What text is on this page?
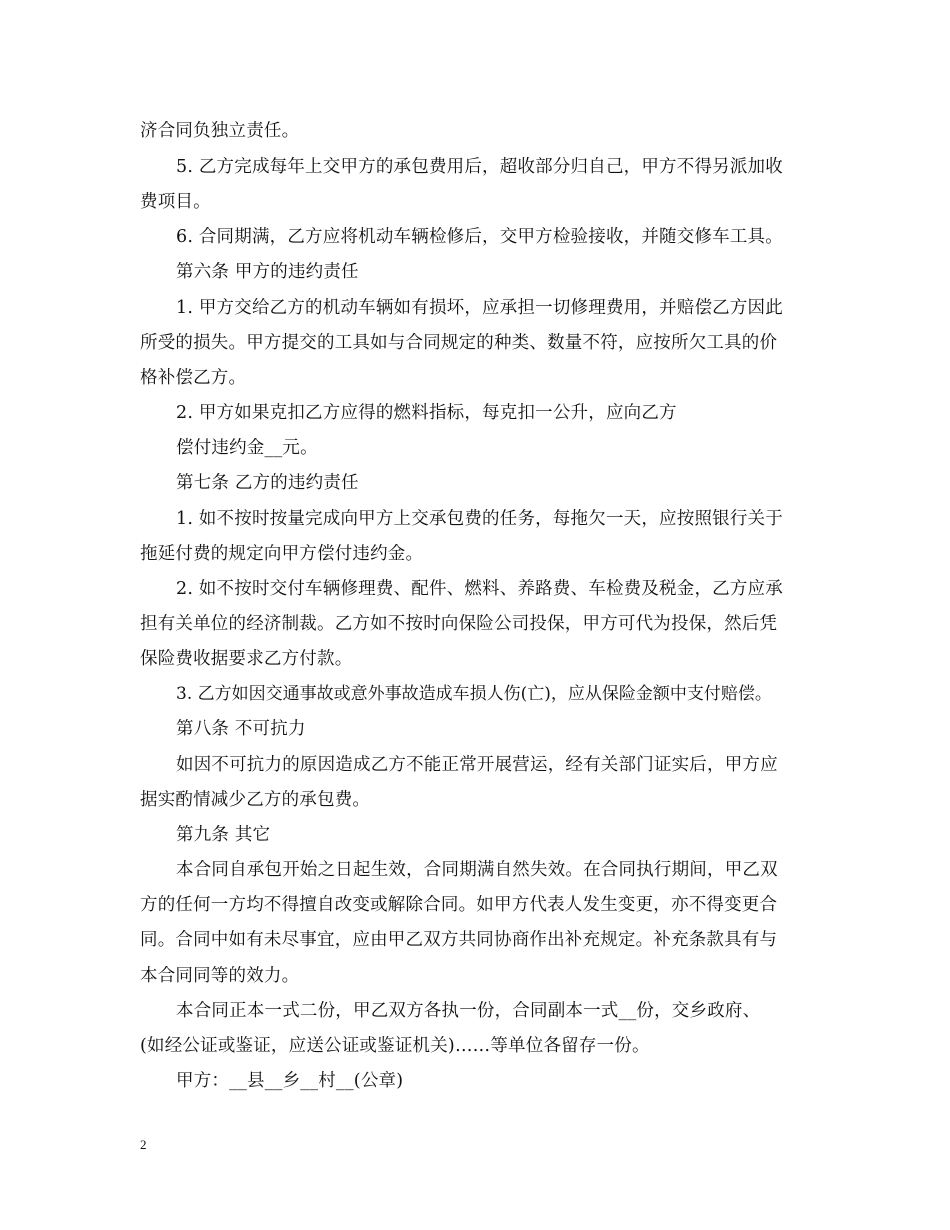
济合同负独立责任。
5. 乙方完成每年上交甲方的承包费用后，超收部分归自己，甲方不得另派加收
费项目。
6. 合同期满，乙方应将机动车辆检修后，交甲方检验接收，并随交修车工具。
第六条 甲方的违约责任
1. 甲方交给乙方的机动车辆如有损坏，应承担一切修理费用，并赔偿乙方因此
所受的损失。甲方提交的工具如与合同规定的种类、数量不符，应按所欠工具的价
格补偿乙方。
2. 甲方如果克扣乙方应得的燃料指标，每克扣一公升，应向乙方
偿付违约金__元。
第七条 乙方的违约责任
1. 如不按时按量完成向甲方上交承包费的任务，每拖欠一天，应按照银行关于
拖延付费的规定向甲方偿付违约金。
2. 如不按时交付车辆修理费、配件、燃料、养路费、车检费及税金，乙方应承
担有关单位的经济制裁。乙方如不按时向保险公司投保，甲方可代为投保，然后凭
保险费收据要求乙方付款。
3. 乙方如因交通事故或意外事故造成车损人伤(亡)，应从保险金额中支付赔偿。
第八条 不可抗力
如因不可抗力的原因造成乙方不能正常开展营运，经有关部门证实后，甲方应
据实酌情减少乙方的承包费。
第九条 其它
本合同自承包开始之日起生效，合同期满自然失效。在合同执行期间，甲乙双
方的任何一方均不得擅自改变或解除合同。如甲方代表人发生变更，亦不得变更合
同。合同中如有未尽事宜，应由甲乙双方共同协商作出补充规定。补充条款具有与
本合同同等的效力。
本合同正本一式二份，甲乙双方各执一份，合同副本一式__份，交乡政府、
(如经公证或鉴证，应送公证或鉴证机关)……等单位各留存一份。
甲方：__县__乡__村__(公章)
2
